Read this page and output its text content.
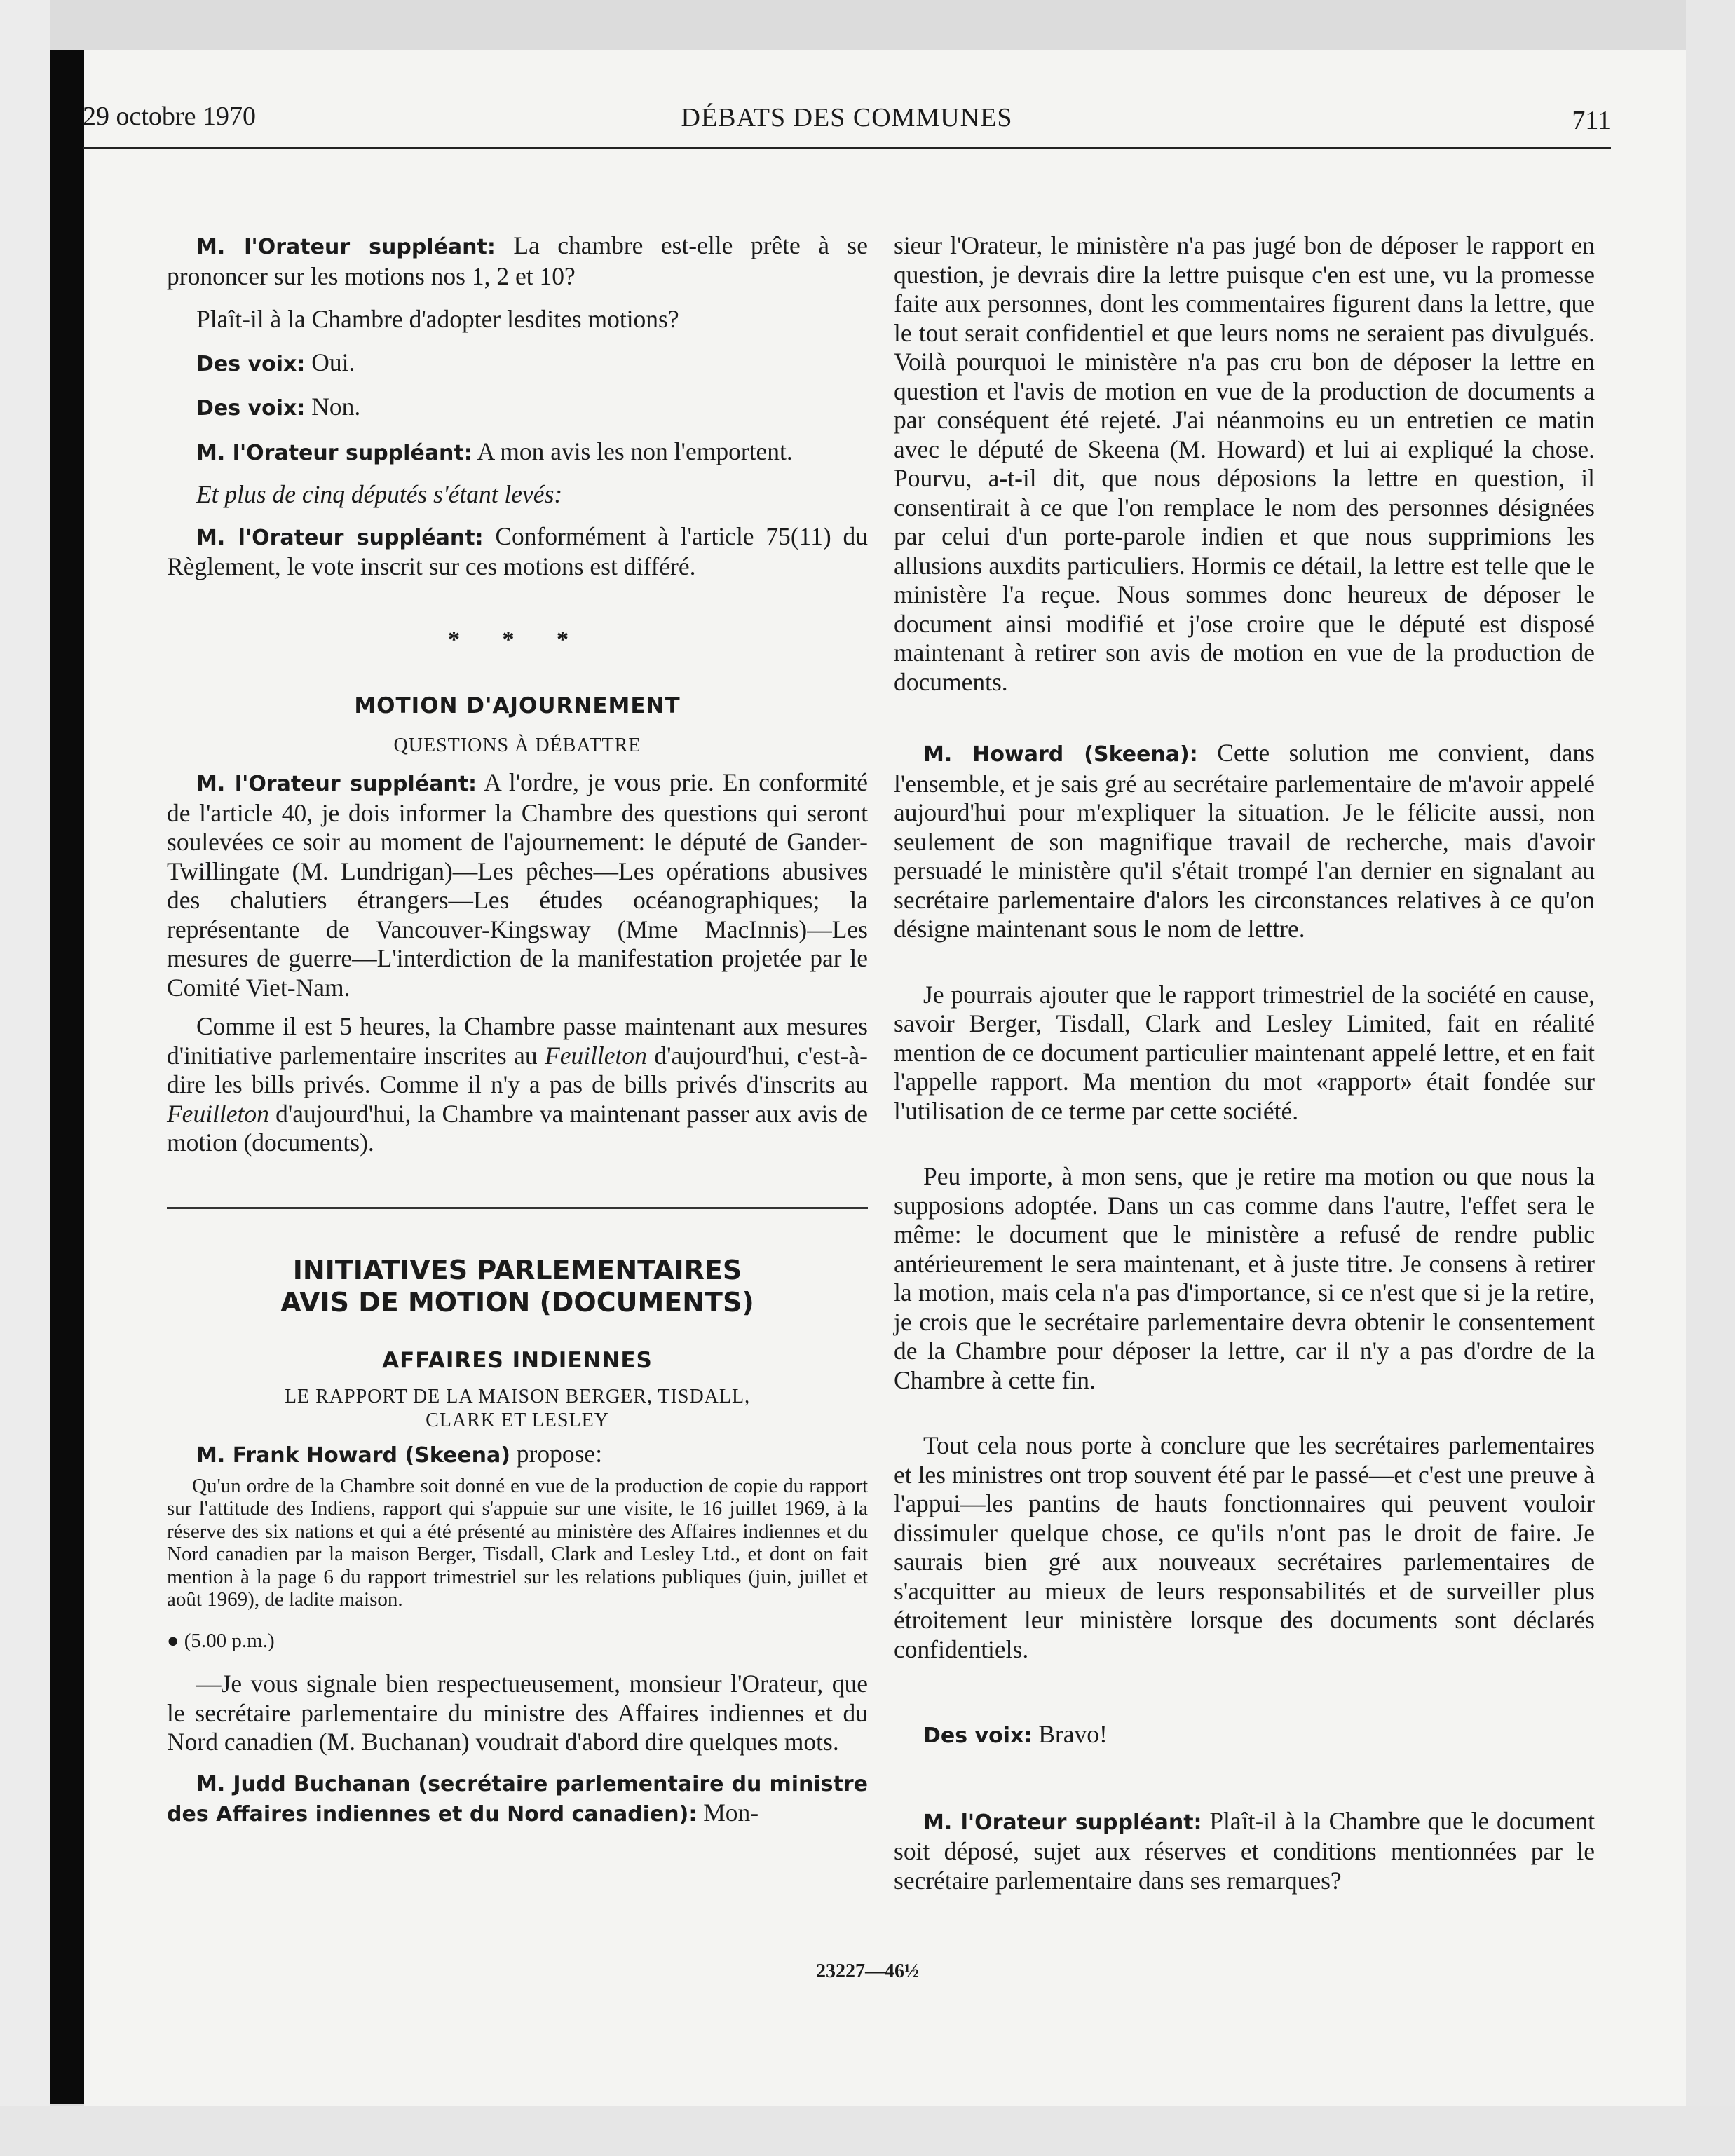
29 octobre 1970	DÉBATS DES COMMUNES	711

M. l'Orateur suppléant: La chambre est-elle prête à se prononcer sur les motions nos 1, 2 et 10?

Plaît-il à la Chambre d'adopter lesdites motions?

Des voix: Oui.

Des voix: Non.

M. l'Orateur suppléant: A mon avis les non l'emportent.

Et plus de cinq députés s'étant levés:

M. l'Orateur suppléant: Conformément à l'article 75(11) du Règlement, le vote inscrit sur ces motions est différé.

* * *

MOTION D'AJOURNEMENT

QUESTIONS À DÉBATTRE

M. l'Orateur suppléant: A l'ordre, je vous prie. En conformité de l'article 40, je dois informer la Chambre des questions qui seront soulevées ce soir au moment de l'ajournement: le député de Gander-Twillingate (M. Lundrigan)—Les pêches—Les opérations abusives des chalutiers étrangers—Les études océanographiques; la représentante de Vancouver-Kingsway (Mme MacInnis)—Les mesures de guerre—L'interdiction de la manifestation projetée par le Comité Viet-Nam.

Comme il est 5 heures, la Chambre passe maintenant aux mesures d'initiative parlementaire inscrites au Feuilleton d'aujourd'hui, c'est-à-dire les bills privés. Comme il n'y a pas de bills privés d'inscrits au Feuilleton d'aujourd'hui, la Chambre va maintenant passer aux avis de motion (documents).

INITIATIVES PARLEMENTAIRES

AVIS DE MOTION (DOCUMENTS)

AFFAIRES INDIENNES

LE RAPPORT DE LA MAISON BERGER, TISDALL,

CLARK ET LESLEY

M. Frank Howard (Skeena) propose:

Qu'un ordre de la Chambre soit donné en vue de la production de copie du rapport sur l'attitude des Indiens, rapport qui s'appuie sur une visite, le 16 juillet 1969, à la réserve des six nations et qui a été présenté au ministère des Affaires indiennes et du Nord canadien par la maison Berger, Tisdall, Clark and Lesley Ltd., et dont on fait mention à la page 6 du rapport trimestriel sur les relations publiques (juin, juillet et août 1969), de ladite maison.

● (5.00 p.m.)

—Je vous signale bien respectueusement, monsieur l'Orateur, que le secrétaire parlementaire du ministre des Affaires indiennes et du Nord canadien (M. Buchanan) voudrait d'abord dire quelques mots.

M. Judd Buchanan (secrétaire parlementaire du ministre des Affaires indiennes et du Nord canadien): Mon-

sieur l'Orateur, le ministère n'a pas jugé bon de déposer le rapport en question, je devrais dire la lettre puisque c'en est une, vu la promesse faite aux personnes, dont les commentaires figurent dans la lettre, que le tout serait confidentiel et que leurs noms ne seraient pas divulgués. Voilà pourquoi le ministère n'a pas cru bon de déposer la lettre en question et l'avis de motion en vue de la production de documents a par conséquent été rejeté. J'ai néanmoins eu un entretien ce matin avec le député de Skeena (M. Howard) et lui ai expliqué la chose. Pourvu, a-t-il dit, que nous déposions la lettre en question, il consentirait à ce que l'on remplace le nom des personnes désignées par celui d'un porte-parole indien et que nous supprimions les allusions auxdits particuliers. Hormis ce détail, la lettre est telle que le ministère l'a reçue. Nous sommes donc heureux de déposer le document ainsi modifié et j'ose croire que le député est disposé maintenant à retirer son avis de motion en vue de la production de documents.

M. Howard (Skeena): Cette solution me convient, dans l'ensemble, et je sais gré au secrétaire parlementaire de m'avoir appelé aujourd'hui pour m'expliquer la situation. Je le félicite aussi, non seulement de son magnifique travail de recherche, mais d'avoir persuadé le ministère qu'il s'était trompé l'an dernier en signalant au secrétaire parlementaire d'alors les circonstances relatives à ce qu'on désigne maintenant sous le nom de lettre.

Je pourrais ajouter que le rapport trimestriel de la société en cause, savoir Berger, Tisdall, Clark and Lesley Limited, fait en réalité mention de ce document particulier maintenant appelé lettre, et en fait l'appelle rapport. Ma mention du mot «rapport» était fondée sur l'utilisation de ce terme par cette société.

Peu importe, à mon sens, que je retire ma motion ou que nous la supposions adoptée. Dans un cas comme dans l'autre, l'effet sera le même: le document que le ministère a refusé de rendre public antérieurement le sera maintenant, et à juste titre. Je consens à retirer la motion, mais cela n'a pas d'importance, si ce n'est que si je la retire, je crois que le secrétaire parlementaire devra obtenir le consentement de la Chambre pour déposer la lettre, car il n'y a pas d'ordre de la Chambre à cette fin.

Tout cela nous porte à conclure que les secrétaires parlementaires et les ministres ont trop souvent été par le passé—et c'est une preuve à l'appui—les pantins de hauts fonctionnaires qui peuvent vouloir dissimuler quelque chose, ce qu'ils n'ont pas le droit de faire. Je saurais bien gré aux nouveaux secrétaires parlementaires de s'acquitter au mieux de leurs responsabilités et de surveiller plus étroitement leur ministère lorsque des documents sont déclarés confidentiels.

Des voix: Bravo!

M. l'Orateur suppléant: Plaît-il à la Chambre que le document soit déposé, sujet aux réserves et conditions mentionnées par le secrétaire parlementaire dans ses remarques?

23227—46½
